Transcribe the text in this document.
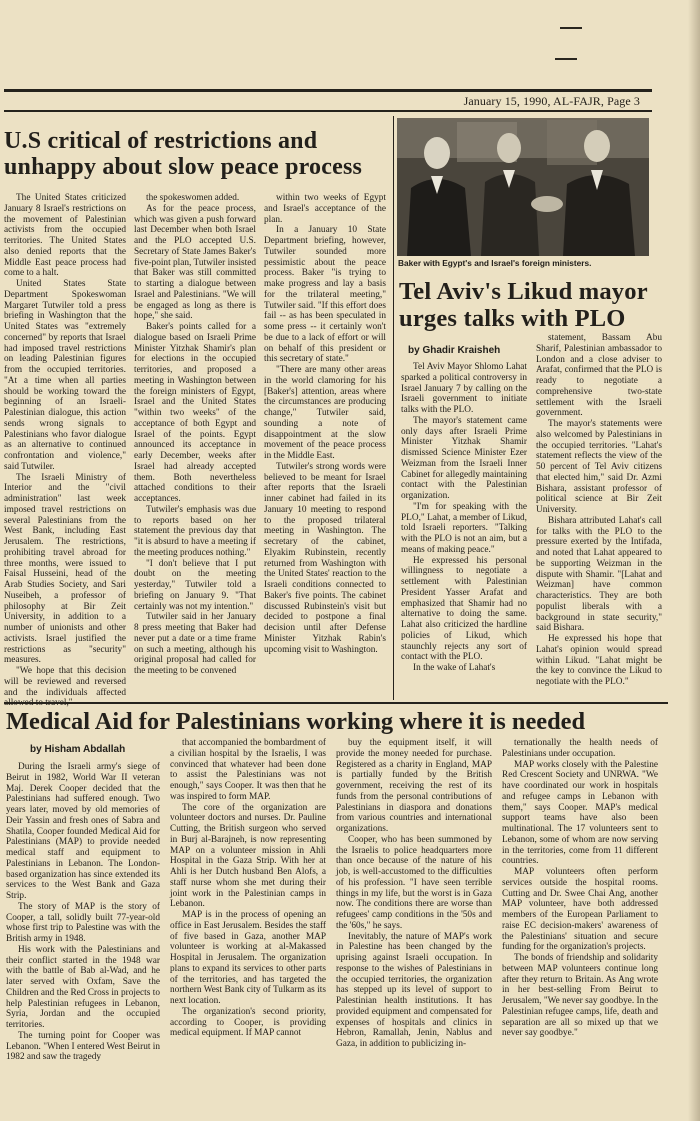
January 15, 1990, AL-FAJR, Page 3
U.S critical of restrictions and unhappy about slow peace process

The United States criticized January 8 Israel's restrictions on the movement of Palestinian activists from the occupied territories. The United States also denied reports that the Middle East peace process had come to a halt.

United States State Department Spokeswoman Margaret Tutwiler told a press briefing in Washington that the United States was "extremely concerned" by reports that Israel had imposed travel restrictions on leading Palestinian figures from the occupied territories. "At a time when all parties should be working toward the beginning of an Israeli-Palestinian dialogue, this action sends wrong signals to Palestinians who favor dialogue as an alternative to continued confrontation and violence," said Tutwiler.

The Israeli Ministry of Interior and the "civil administration" last week imposed travel restrictions on several Palestinians from the West Bank, including East Jerusalem. The restrictions, prohibiting travel abroad for three months, were issued to Faisal Husseini, head of the Arab Studies Society, and Sari Nuseibeh, a professor of philosophy at Bir Zeit University, in addition to a number of unionists and other activists. Israel justified the restrictions as "security" measures.

"We hope that this decision will be reviewed and reversed and the individuals affected

the spokeswomen added.

As for the peace process, which was given a push forward last December when both Israel and the PLO accepted U.S. Secretary of State James Baker's five-point plan, Tutwiler insisted that Baker was still committed to starting a dialogue between Israel and Palestinians. "We will be engaged as long as there is hope," she said.

Baker's points called for a dialogue based on Israeli Prime Minister Yitzhak Shamir's plan for elections in the occupied territories, and proposed a meeting in Washington between the foreign ministers of Egypt, Israel and the United States "within two weeks" of the acceptance of both Egypt and Israel of the points. Egypt announced its acceptance in early December, weeks after Israel had already accepted them. Both nevertheless attached conditions to their acceptances.

Tutwiler's emphasis was due to reports based on her statement the previous day that "it is absurd to have a meeting if the meeting produces nothing."

"I don't believe that I put doubt on the meeting yesterday," Tutwiler told a briefing on January 9. "That certainly was not my intention."

Tutwiler said in her January 8 press meeting that Baker had never put a date or a time frame on such a meeting, although his original proposal had called for the meeting to be convened

within two weeks of Egypt and Israel's acceptance of the plan.

In a January 10 State Department briefing, however, Tutwiler sounded more pessimistic about the peace process. Baker "is trying to make progress and lay a basis for the trilateral meeting," Tutwiler said. "If this effort does fail -- as has been speculated in some press -- it certainly won't be due to a lack of effort or will on behalf of this president or this secretary of state."

"There are many other areas in the world clamoring for his [Baker's] attention, areas where the circumstances are producing change," Tutwiler said, sounding a note of disappointment at the slow movement of the peace process in the Middle East.

Tutwiler's strong words were believed to be meant for Israel after reports that the Israeli inner cabinet had failed in its January 10 meeting to respond to the proposed trilateral meeting in Washington. The secretary of the cabinet, Elyakim Rubinstein, recently returned from Washington with the United States' reaction to the Israeli conditions connected to Baker's five points. The cabinet discussed Rubinstein's visit but decided to postpone a final decision until after Defense Minister Yitzhak Rabin's upcoming visit to Washington.

Baker with Egypt's and Israel's foreign ministers.
Tel Aviv's Likud mayor urges talks with PLO
by Ghadir Kraisheh

Tel Aviv Mayor Shlomo Lahat sparked a political controversy in Israel January 7 by calling on the Israeli government to initiate talks with the PLO.

The mayor's statement came only days after Israeli Prime Minister Yitzhak Shamir dismissed Science Minister Ezer Weizman from the Israeli Inner Cabinet for allegedly maintaining contact with the Palestinian organization.

"I'm for speaking with the PLO," Lahat, a member of Likud, told Israeli reporters. "Talking with the PLO is not an aim, but a means of making peace."

He expressed his personal willingness to negotiate a settlement with Palestinian President Yasser Arafat and emphasized that Shamir had no alternative to doing the same. Lahat also criticized the hardline policies of Likud, which staunchly rejects any sort of contact with the PLO.

In the wake of Lahat's

statement, Bassam Abu Sharif, Palestinian ambassador to London and a close adviser to Arafat, confirmed that the PLO is ready to negotiate a comprehensive two-state settlement with the Israeli government.

The mayor's statements were also welcomed by Palestinians in the occupied territories. "Lahat's statement reflects the view of the 50 percent of Tel Aviv citizens that elected him," said Dr. Azmi Bishara, assistant professor of political science at Bir Zeit University.

Bishara attributed Lahat's call for talks with the PLO to the pressure exerted by the Intifada, and noted that Lahat appeared to be supporting Weizman in the dispute with Shamir. "[Lahat and Weizman] have common characteristics. They are both populist liberals with a background in state security," said Bishara.

He expressed his hope that Lahat's opinion would spread within Likud. "Lahat might be the key to convince the Likud to negotiate with the PLO."

Medical Aid for Palestinians working where it is needed
by Hisham Abdallah

During the Israeli army's siege of Beirut in 1982, World War II veteran Maj. Derek Cooper decided that the Palestinians had suffered enough. Two years later, moved by old memories of Deir Yassin and fresh ones of Sabra and Shatila, Cooper founded Medical Aid for Palestinians (MAP) to provide needed medical staff and equipment to Palestinians in Lebanon. The London-based organization has since extended its services to the West Bank and Gaza Strip.

The story of MAP is the story of Cooper, a tall, solidly built 77-year-old whose first trip to Palestine was with the British army in 1948.

His work with the Palestinians and their conflict started in the 1948 war with the battle of Bab al-Wad, and he later served with Oxfam, Save the Children and the Red Cross in projects to help Palestinian refugees in Lebanon, Syria, Jordan and the occupied territories.

The turning point for Cooper was Lebanon. "When I entered West Beirut in 1982 and saw the tragedy

that accompanied the bombardment of a civilian hospital by the Israelis, I was convinced that whatever had been done to assist the Palestinians was not enough," says Cooper. It was then that he was inspired to form MAP.

The core of the organization are volunteer doctors and nurses. Dr. Pauline Cutting, the British surgeon who served in Burj al-Barajneh, is now representing MAP on a volunteer mission in Ahli Hospital in the Gaza Strip. With her at Ahli is her Dutch husband Ben Alofs, a staff nurse whom she met during their joint work in the Palestinian camps in Lebanon.

MAP is in the process of opening an office in East Jerusalem. Besides the staff of five based in Gaza, another MAP volunteer is working at al-Makassed Hospital in Jerusalem. The organization plans to expand its services to other parts of the territories, and has targeted the northern West Bank city of Tulkarm as its next location.

The organization's second priority, according to Cooper, is providing medical equipment. If MAP cannot

buy the equipment itself, it will provide the money needed for purchase. Registered as a charity in England, MAP is partially funded by the British government, receiving the rest of its funds from the personal contributions of Palestinians in diaspora and donations from various countries and international organizations.

Cooper, who has been summoned by the Israelis to police headquarters more than once because of the nature of his job, is well-accustomed to the difficulties of his profession. "I have seen terrible things in my life, but the worst is in Gaza now. The conditions there are worse than refugees' camp conditions in the '50s and the '60s," he says.

Inevitably, the nature of MAP's work in Palestine has been changed by the uprising against Israeli occupation. In response to the wishes of Palestinians in the occupied territories, the organization has stepped up its level of support to Palestinian health institutions. It has provided equipment and compensated for expenses of hospitals and clinics in Hebron, Ramallah, Jenin, Nablus and Gaza, in addition to publicizing in-

ternationally the health needs of Palestinians under occupation.

MAP works closely with the Palestine Red Crescent Society and UNRWA. "We have coordinated our work in hospitals and refugee camps in Lebanon with them," says Cooper. MAP's medical support teams have also been multinational. The 17 volunteers sent to Lebanon, some of whom are now serving in the territories, come from 11 different countries.

MAP volunteers often perform services outside the hospital rooms. Cutting and Dr. Swee Chai Ang, another MAP volunteer, have both addressed members of the European Parliament to raise EC decision-makers' awareness of the Palestinians' situation and secure funding for the organization's projects.

The bonds of friendship and solidarity between MAP volunteers continue long after they return to Britain. As Ang wrote in her best-selling From Beirut to Jerusalem, "We never say goodbye. In the Palestinian refugee camps, life, death and separation are all so mixed up that we never say goodbye."
